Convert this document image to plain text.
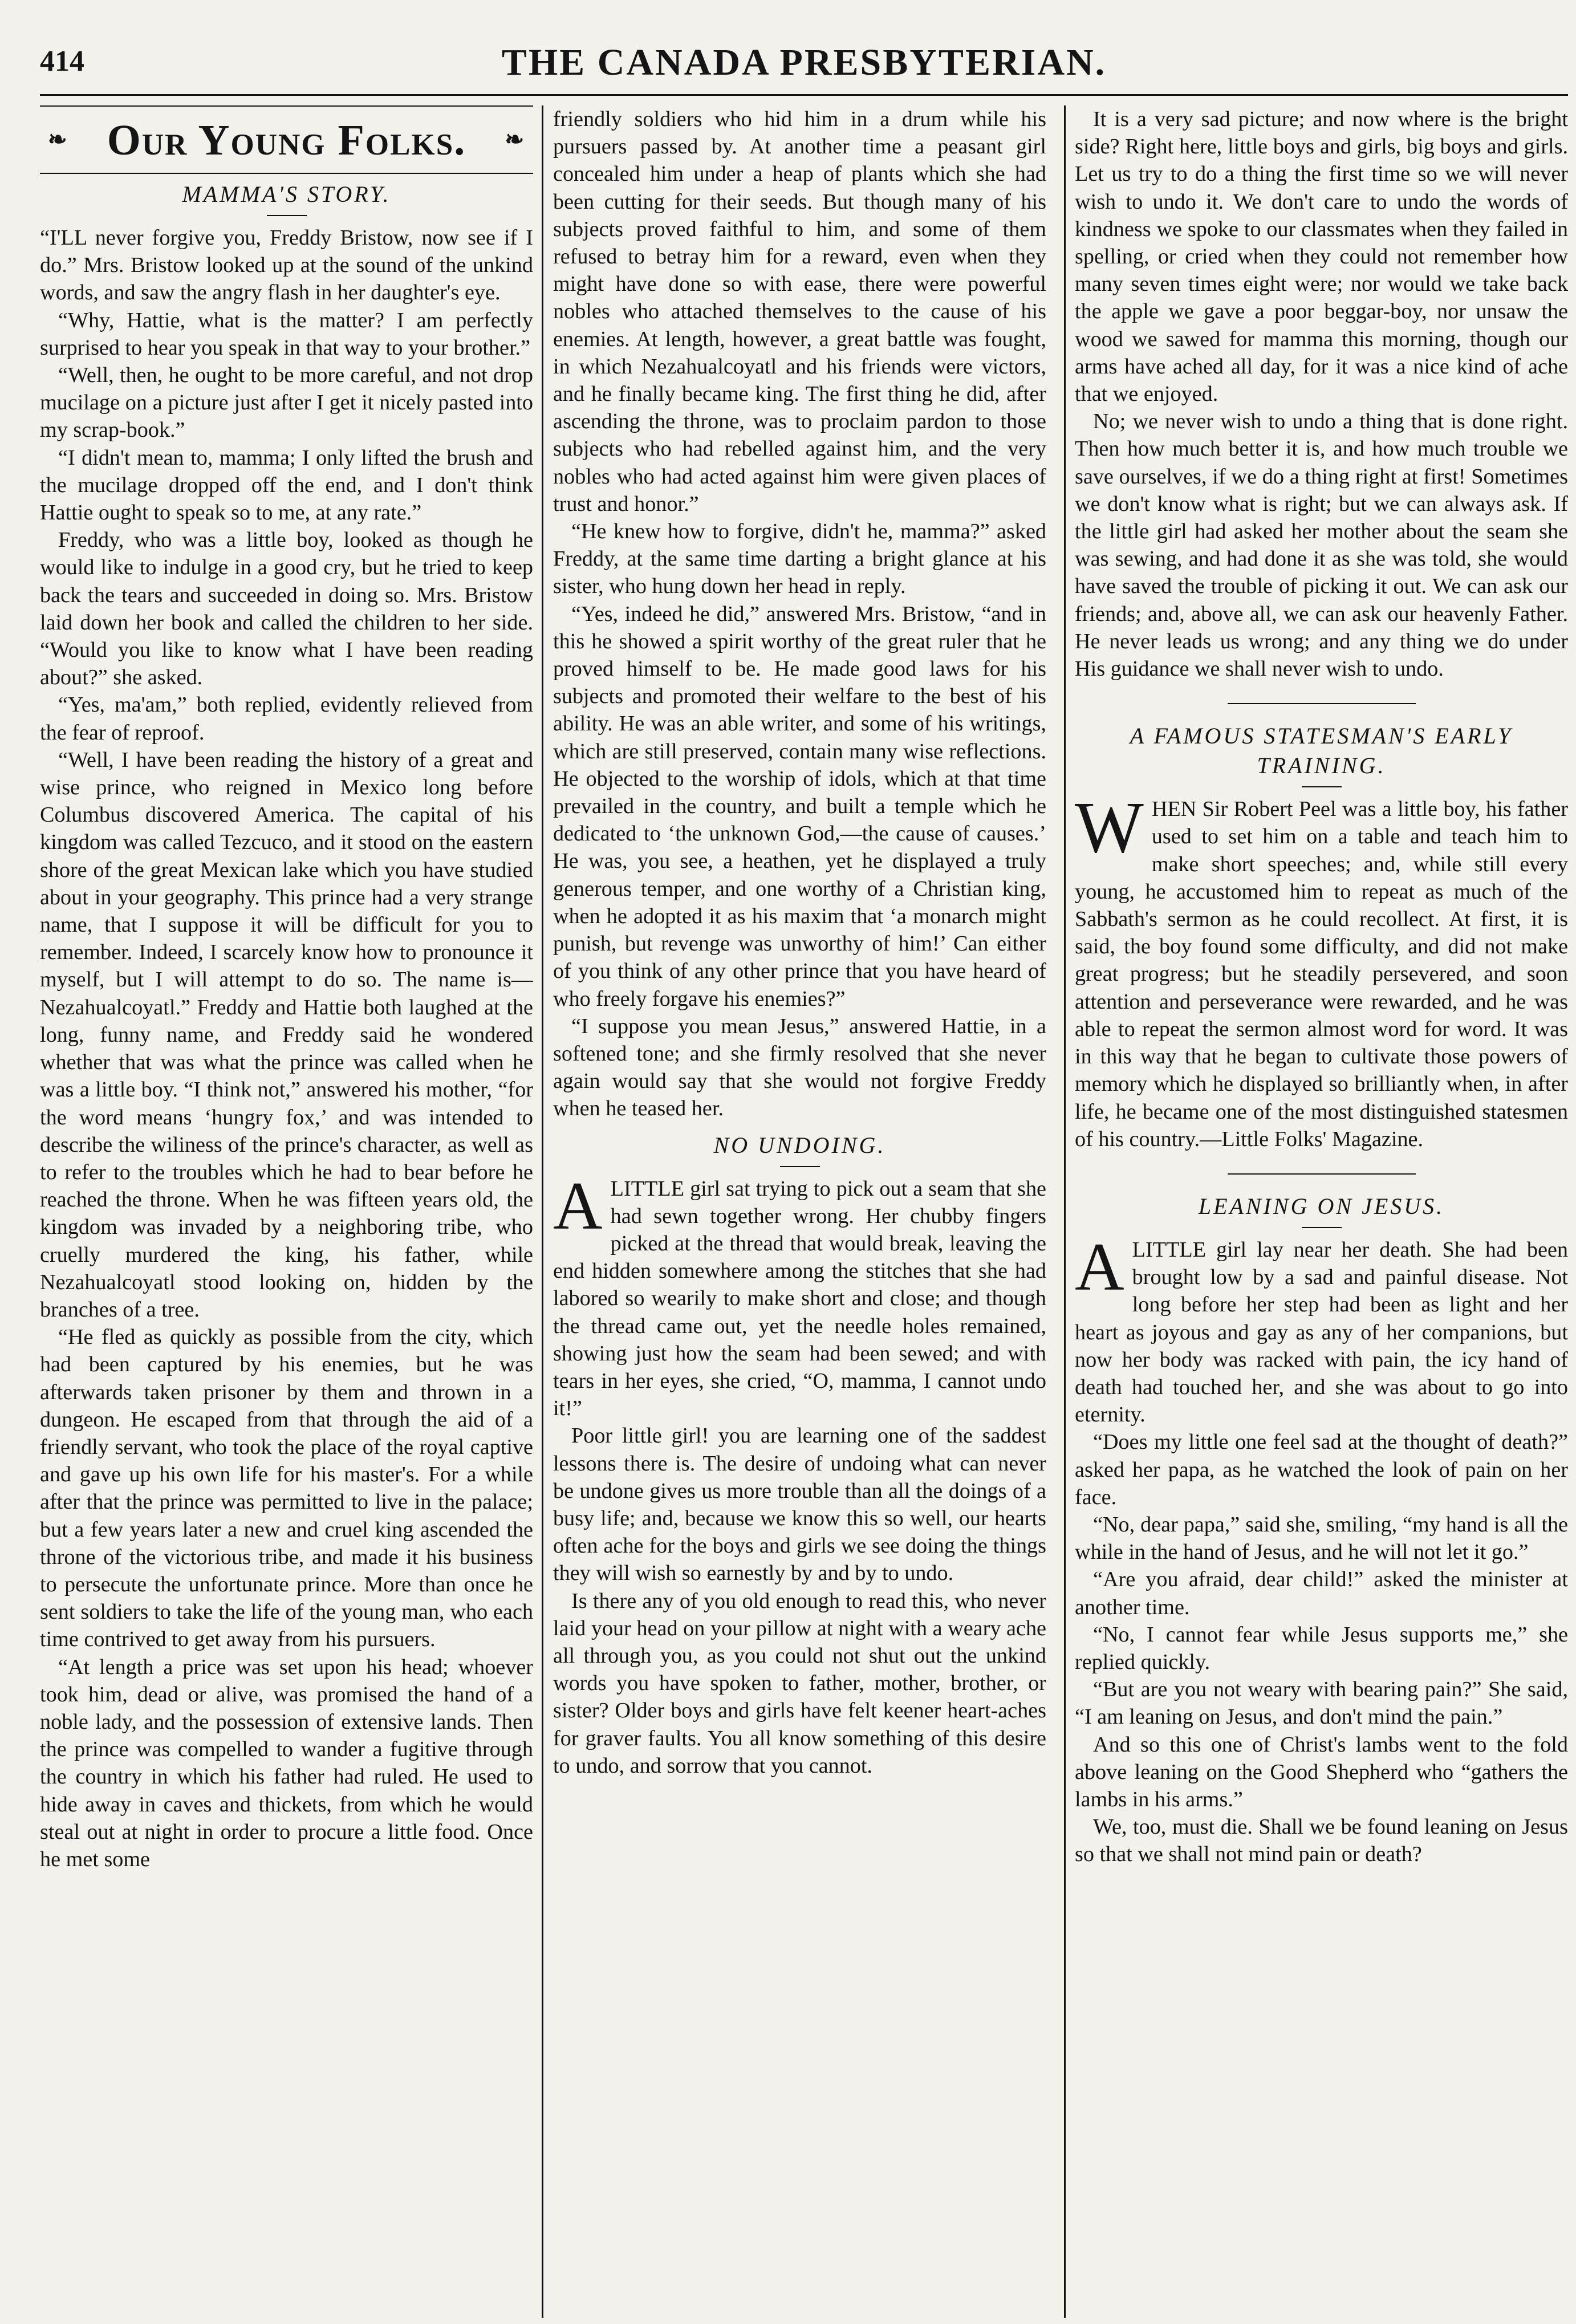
414	THE CANADA PRESBYTERIAN.
❧ Our Young Folks. ❧
MAMMA'S STORY.

“I'LL never forgive you, Freddy Bristow, now see if I do.” Mrs. Bristow looked up at the sound of the unkind words, and saw the angry flash in her daughter's eye.

“Why, Hattie, what is the matter? I am perfectly surprised to hear you speak in that way to your brother.”

“Well, then, he ought to be more careful, and not drop mucilage on a picture just after I get it nicely pasted into my scrap-book.”

“I didn't mean to, mamma; I only lifted the brush and the mucilage dropped off the end, and I don't think Hattie ought to speak so to me, at any rate.”

Freddy, who was a little boy, looked as though he would like to indulge in a good cry, but he tried to keep back the tears and succeeded in doing so. Mrs. Bristow laid down her book and called the children to her side. “Would you like to know what I have been reading about?” she asked.

“Yes, ma'am,” both replied, evidently relieved from the fear of reproof.

“Well, I have been reading the history of a great and wise prince, who reigned in Mexico long before Columbus discovered America. The capital of his kingdom was called Tezcuco, and it stood on the eastern shore of the great Mexican lake which you have studied about in your geography. This prince had a very strange name, that I suppose it will be difficult for you to remember. Indeed, I scarcely know how to pronounce it myself, but I will attempt to do so. The name is—Nezahualcoyatl.” Freddy and Hattie both laughed at the long, funny name, and Freddy said he wondered whether that was what the prince was called when he was a little boy. “I think not,” answered his mother, “for the word means ‘hungry fox,’ and was intended to describe the wiliness of the prince's character, as well as to refer to the troubles which he had to bear before he reached the throne. When he was fifteen years old, the kingdom was invaded by a neighboring tribe, who cruelly murdered the king, his father, while Nezahualcoyatl stood looking on, hidden by the branches of a tree.

“He fled as quickly as possible from the city, which had been captured by his enemies, but he was afterwards taken prisoner by them and thrown in a dungeon. He escaped from that through the aid of a friendly servant, who took the place of the royal captive and gave up his own life for his master's. For a while after that the prince was permitted to live in the palace; but a few years later a new and cruel king ascended the throne of the victorious tribe, and made it his business to persecute the unfortunate prince. More than once he sent soldiers to take the life of the young man, who each time contrived to get away from his pursuers.

“At length a price was set upon his head; whoever took him, dead or alive, was promised the hand of a noble lady, and the possession of extensive lands. Then the prince was compelled to wander a fugitive through the country in which his father had ruled. He used to hide away in caves and thickets, from which he would steal out at night in order to procure a little food. Once he met some

friendly soldiers who hid him in a drum while his pursuers passed by. At another time a peasant girl concealed him under a heap of plants which she had been cutting for their seeds. But though many of his subjects proved faithful to him, and some of them refused to betray him for a reward, even when they might have done so with ease, there were powerful nobles who attached themselves to the cause of his enemies. At length, however, a great battle was fought, in which Nezahualcoyatl and his friends were victors, and he finally became king. The first thing he did, after ascending the throne, was to proclaim pardon to those subjects who had rebelled against him, and the very nobles who had acted against him were given places of trust and honor.”

“He knew how to forgive, didn't he, mamma?” asked Freddy, at the same time darting a bright glance at his sister, who hung down her head in reply.

“Yes, indeed he did,” answered Mrs. Bristow, “and in this he showed a spirit worthy of the great ruler that he proved himself to be. He made good laws for his subjects and promoted their welfare to the best of his ability. He was an able writer, and some of his writings, which are still preserved, contain many wise reflections. He objected to the worship of idols, which at that time prevailed in the country, and built a temple which he dedicated to ‘the unknown God,—the cause of causes.’ He was, you see, a heathen, yet he displayed a truly generous temper, and one worthy of a Christian king, when he adopted it as his maxim that ‘a monarch might punish, but revenge was unworthy of him!’ Can either of you think of any other prince that you have heard of who freely forgave his enemies?”

“I suppose you mean Jesus,” answered Hattie, in a softened tone; and she firmly resolved that she never again would say that she would not forgive Freddy when he teased her.

NO UNDOING.

A LITTLE girl sat trying to pick out a seam that she had sewn together wrong. Her chubby fingers picked at the thread that would break, leaving the end hidden somewhere among the stitches that she had labored so wearily to make short and close; and though the thread came out, yet the needle holes remained, showing just how the seam had been sewed; and with tears in her eyes, she cried, “O, mamma, I cannot undo it!”

Poor little girl! you are learning one of the saddest lessons there is. The desire of undoing what can never be undone gives us more trouble than all the doings of a busy life; and, because we know this so well, our hearts often ache for the boys and girls we see doing the things they will wish so earnestly by and by to undo.

Is there any of you old enough to read this, who never laid your head on your pillow at night with a weary ache all through you, as you could not shut out the unkind words you have spoken to father, mother, brother, or sister? Older boys and girls have felt keener heart-aches for graver faults. You all know something of this desire to undo, and sorrow that you cannot.

It is a very sad picture; and now where is the bright side? Right here, little boys and girls, big boys and girls. Let us try to do a thing the first time so we will never wish to undo it. We don't care to undo the words of kindness we spoke to our classmates when they failed in spelling, or cried when they could not remember how many seven times eight were; nor would we take back the apple we gave a poor beggar-boy, nor unsaw the wood we sawed for mamma this morning, though our arms have ached all day, for it was a nice kind of ache that we enjoyed.

No; we never wish to undo a thing that is done right. Then how much better it is, and how much trouble we save ourselves, if we do a thing right at first! Sometimes we don't know what is right; but we can always ask. If the little girl had asked her mother about the seam she was sewing, and had done it as she was told, she would have saved the trouble of picking it out. We can ask our friends; and, above all, we can ask our heavenly Father. He never leads us wrong; and any thing we do under His guidance we shall never wish to undo.

A FAMOUS STATESMAN'S EARLY TRAINING.

WHEN Sir Robert Peel was a little boy, his father used to set him on a table and teach him to make short speeches; and, while still every young, he accustomed him to repeat as much of the Sabbath's sermon as he could recollect. At first, it is said, the boy found some difficulty, and did not make great progress; but he steadily persevered, and soon attention and perseverance were rewarded, and he was able to repeat the sermon almost word for word. It was in this way that he began to cultivate those powers of memory which he displayed so brilliantly when, in after life, he became one of the most distinguished statesmen of his country.—Little Folks' Magazine.

LEANING ON JESUS.

A LITTLE girl lay near her death. She had been brought low by a sad and painful disease. Not long before her step had been as light and her heart as joyous and gay as any of her companions, but now her body was racked with pain, the icy hand of death had touched her, and she was about to go into eternity.

“Does my little one feel sad at the thought of death?” asked her papa, as he watched the look of pain on her face.

“No, dear papa,” said she, smiling, “my hand is all the while in the hand of Jesus, and he will not let it go.”

“Are you afraid, dear child!” asked the minister at another time.

“No, I cannot fear while Jesus supports me,” she replied quickly.

“But are you not weary with bearing pain?” She said, “I am leaning on Jesus, and don't mind the pain.”

And so this one of Christ's lambs went to the fold above leaning on the Good Shepherd who “gathers the lambs in his arms.”

We, too, must die. Shall we be found leaning on Jesus so that we shall not mind pain or death?
